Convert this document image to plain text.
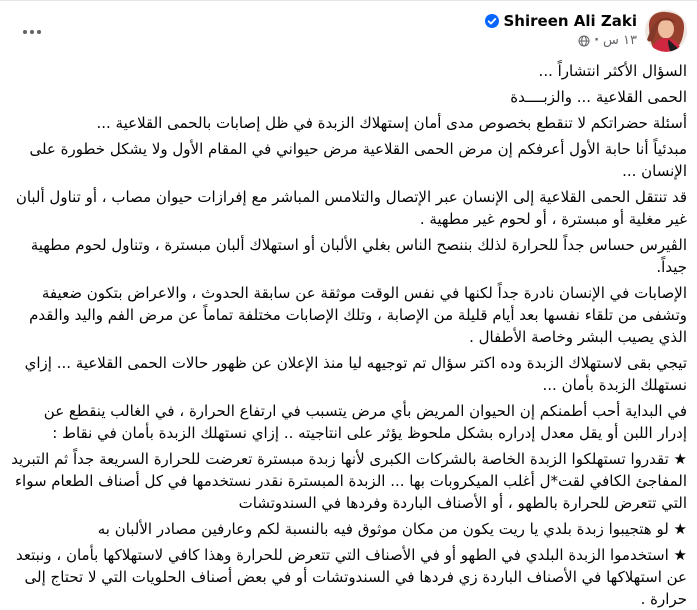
Shireen Ali Zaki
١٣ س
·
السؤال الأكثر انتشاراً ...
الحمى القلاعية ... والزبــــدة
أسئلة حضراتكم لا تنقطع بخصوص مدى أمان إستهلاك الزبدة في ظل إصابات بالحمى القلاعية ...
مبدئياً أنا حابة الأول أعرفكم إن مرض الحمى القلاعية مرض حيواني في المقام الأول ولا يشكل خطورة على الإنسان ...
قد تنتقل الحمى القلاعية إلى الإنسان عبر الإتصال والتلامس المباشر مع إفرازات حيوان مصاب ، أو تناول ألبان غير مغلية أو مبسترة ، أو لحوم غير مطهية .
الڤيرس حساس جداً للحرارة لذلك بننصح الناس بغلي الألبان أو استهلاك ألبان مبسترة ، وتناول لحوم مطهية جيداً.
الإصابات في الإنسان نادرة جداً لكنها في نفس الوقت موثقة عن سابقة الحدوث ، والاعراض بتكون ضعيفة وتشفى من تلقاء نفسها بعد أيام قليلة من الإصابة ، وتلك الإصابات مختلفة تماماً عن مرض الفم واليد والقدم الذي يصيب البشر وخاصة الأطفال .
تيجي بقى لاستهلاك الزبدة وده اكتر سؤال تم توجيهه ليا منذ الإعلان عن ظهور حالات الحمى القلاعية ... إزاي نستهلك الزبدة بأمان ...
في البداية أحب أطمنكم إن الحيوان المريض بأي مرض يتسبب في ارتفاع الحرارة ، في الغالب ينقطع عن إدرار اللبن أو يقل معدل إدراره بشكل ملحوظ يؤثر على انتاجيته .. إزاي نستهلك الزبدة بأمان في نقاط :
★ تقدروا تستهلكوا الزبدة الخاصة بالشركات الكبرى لأنها زبدة مبسترة تعرضت للحرارة السريعة جداً ثم التبريد المفاجئ الكافي لقت*ل أغلب الميكروبات بها ... الزبدة المبسترة نقدر نستخدمها في كل أصناف الطعام سواء التي تتعرض للحرارة بالطهو ، أو الأصناف الباردة وفردها في السندوتشات
★ لو هتجيبوا زبدة بلدي يا ريت يكون من مكان موثوق فيه بالنسبة لكم وعارفين مصادر الألبان به
★ استخدموا الزبدة البلدي في الطهو أو في الأصناف التي تتعرض للحرارة وهذا كافي لاستهلاكها بأمان ، ونبتعد عن استهلاكها في الأصناف الباردة زي فردها في السندوتشات أو في بعض أصناف الحلويات التي لا تحتاج إلى حرارة .
